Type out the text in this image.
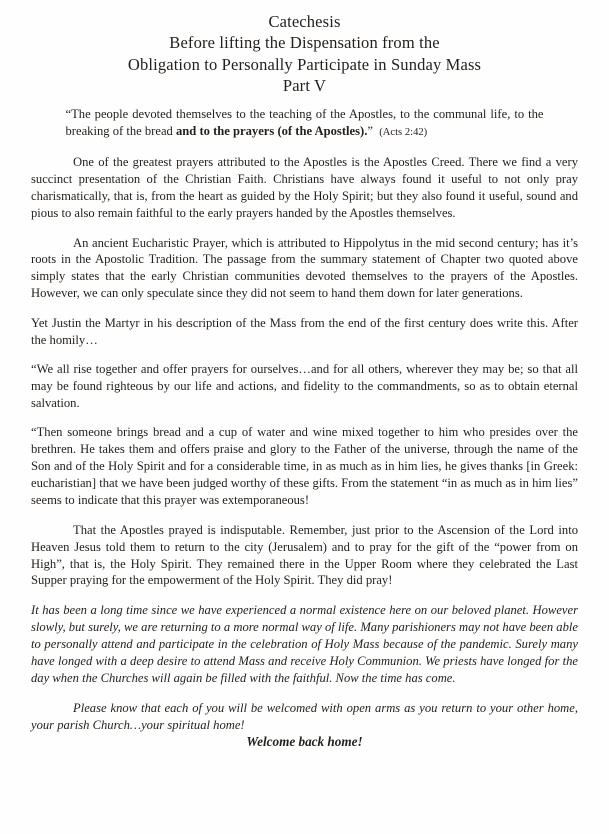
Catechesis
Before lifting the Dispensation from the
Obligation to Personally Participate in Sunday Mass
Part V
“The people devoted themselves to the teaching of the Apostles, to the communal life, to the breaking of the bread and to the prayers (of the Apostles).” (Acts 2:42)

One of the greatest prayers attributed to the Apostles is the Apostles Creed. There we find a very succinct presentation of the Christian Faith. Christians have always found it useful to not only pray charismatically, that is, from the heart as guided by the Holy Spirit; but they also found it useful, sound and pious to also remain faithful to the early prayers handed by the Apostles themselves.

An ancient Eucharistic Prayer, which is attributed to Hippolytus in the mid second century; has it’s roots in the Apostolic Tradition. The passage from the summary statement of Chapter two quoted above simply states that the early Christian communities devoted themselves to the prayers of the Apostles. However, we can only speculate since they did not seem to hand them down for later generations.

Yet Justin the Martyr in his description of the Mass from the end of the first century does write this. After the homily…

“We all rise together and offer prayers for ourselves…and for all others, wherever they may be; so that all may be found righteous by our life and actions, and fidelity to the commandments, so as to obtain eternal salvation.

“Then someone brings bread and a cup of water and wine mixed together to him who presides over the brethren. He takes them and offers praise and glory to the Father of the universe, through the name of the Son and of the Holy Spirit and for a considerable time, in as much as in him lies, he gives thanks [in Greek: eucharistian] that we have been judged worthy of these gifts. From the statement “in as much as in him lies” seems to indicate that this prayer was extemporaneous!

That the Apostles prayed is indisputable. Remember, just prior to the Ascension of the Lord into Heaven Jesus told them to return to the city (Jerusalem) and to pray for the gift of the “power from on High”, that is, the Holy Spirit. They remained there in the Upper Room where they celebrated the Last Supper praying for the empowerment of the Holy Spirit. They did pray!

It has been a long time since we have experienced a normal existence here on our beloved planet. However slowly, but surely, we are returning to a more normal way of life. Many parishioners may not have been able to personally attend and participate in the celebration of Holy Mass because of the pandemic. Surely many have longed with a deep desire to attend Mass and receive Holy Communion. We priests have longed for the day when the Churches will again be filled with the faithful. Now the time has come.

Please know that each of you will be welcomed with open arms as you return to your other home, your parish Church…your spiritual home!

Welcome back home!
